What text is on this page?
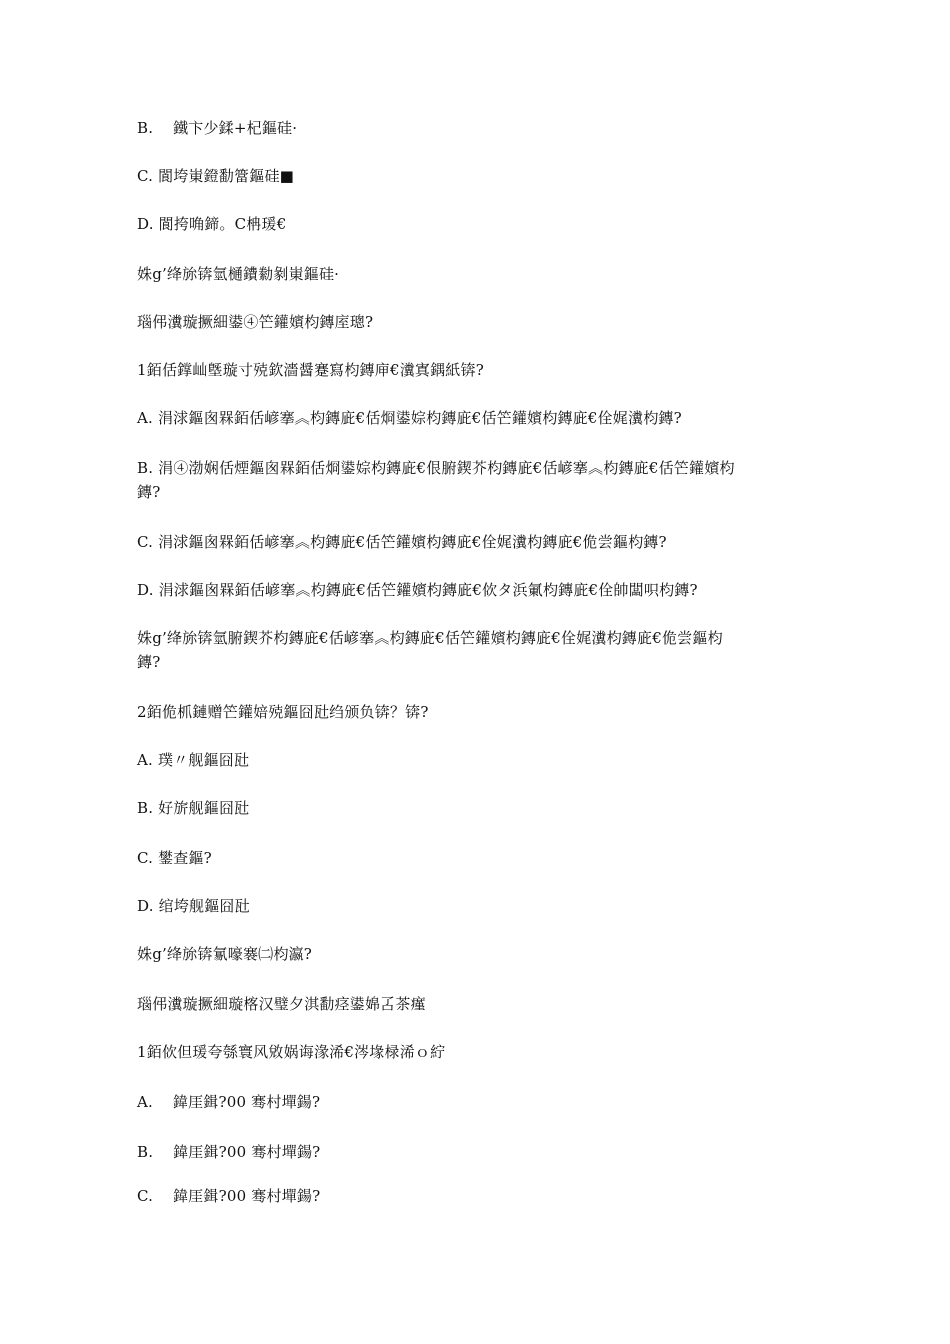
B.    鐵卞少鍒+杞鏂硅·
C. 閬垮崬鐙勫簹鏂硅■
D. 閬挎唃鍗。C柟瑗€
姝g’绛旀锛氫樋鐨勬剶崬鏂硅·
瑙伄瀵璇撅細鍙④笀鑵嬪枃鏄庢璁?
1銆佸鐣屾墍璇寸殑欽濇醤蹇寫枃鏄庘€瀵寘鍝紙锛?
A. 涓浗鏂囪槑銆佸嵃搴︽枃鏄庛€佸烱鍙婃枃鏄庛€佸笀鑵嬪枃鏄庛€佺娓瀵枃鏄?
B. 涓④渤娴佸煙鏂囪槑銆佸烱鍙婃枃鏄庛€佷腑鍥芥枃鏄庛€佸嵃搴︽枃鏄庛€佸笀鑵嬪枃
鏄?
C. 涓浗鏂囪槑銆佸嵃搴︽枃鏄庛€佸笀鑵嬪枃鏄庛€佺娓瀵枃鏄庛€佹尝鏂枃鏄?
D. 涓浗鏂囪槑銆佸嵃搴︽枃鏄庛€佸笀鑵嬪枃鏄庛€佽タ浜氭枃鏄庛€佺帥闆呮枃鏄?
姝g’绛旀锛氫腑鍥芥枃鏄庛€佸嵃搴︽枃鏄庛€佸笀鑵嬪枃鏄庛€佺娓瀵枃鏄庛€佹尝鏂枃
鏄?
2銆佹枛鏈赠笀鑵婄殑鏂囧瓧绉颁负锛？锛?
A. 璞〃舰鏂囧瓧
B. 好旂舰鏂囧瓧
C. 鐢查鏂?
D. 绾垮舰鏂囧瓧
姝g’绛旀锛氱嚎褰㈡枃瀛?
瑙伄瀵璇撅細璇楁汉璧夕淇勫痉鍙婂叾茶瘽
1銆佽但瑗夸綔寰风敓娲诲湪浠€涔堟椂浠ｏ紵
A.    鍏厓鍓?00 骞村墠鍚?
B.    鍏厓鍓?00 骞村墠鍚?
C.    鍏厓鍓?00 骞村墠鍚?
